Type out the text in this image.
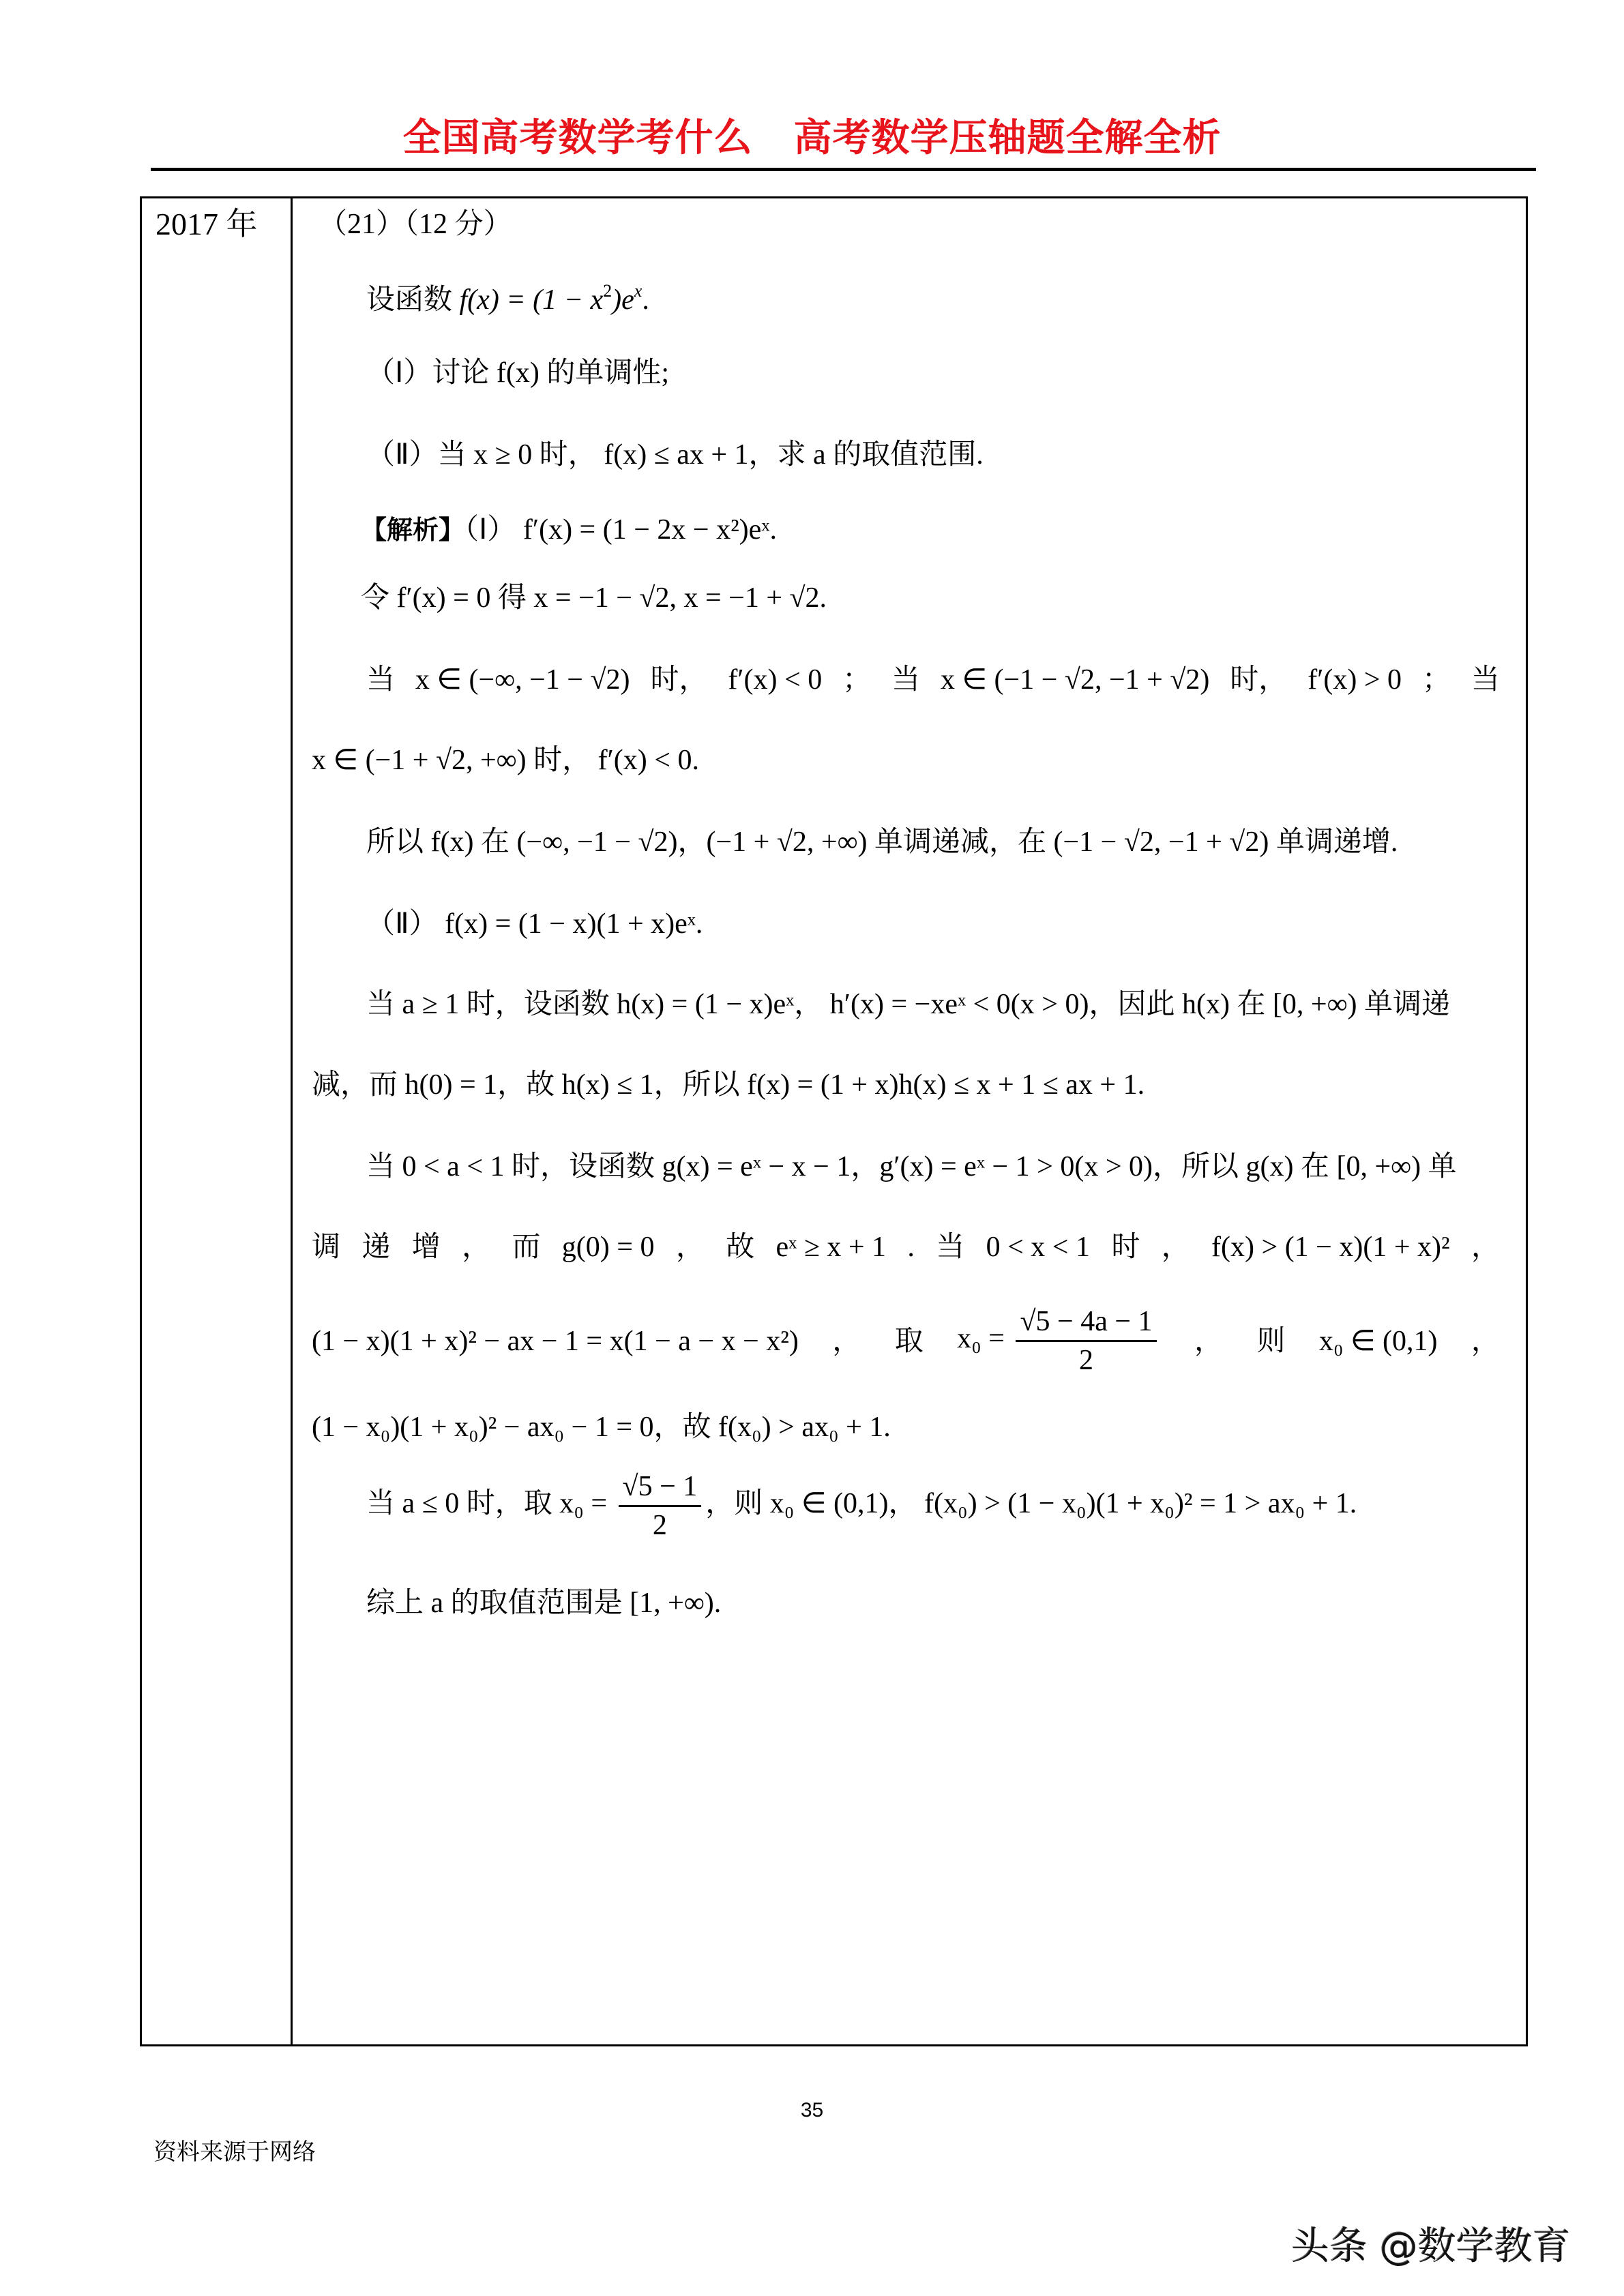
全国高考数学考什么 高考数学压轴题全解全析
2017 年 （21）（12 分）
设函数 $f(x) = (1 - x^2)e^x$.
（Ⅰ）讨论 f(x) 的单调性;
（Ⅱ）当 x ≥ 0 时， f(x) ≤ ax + 1，求 a 的取值范围.
【解析】（Ⅰ） f′(x) = (1 − 2x − x²)eˣ.
令 f′(x) = 0 得 x = −1 − √2, x = −1 + √2.
当 x ∈ (−∞, −1 − √2) 时， f′(x) < 0 ； 当 x ∈ (−1 − √2, −1 + √2) 时， f′(x) > 0 ； 当
x ∈ (−1 + √2, +∞) 时， f′(x) < 0.
所以 f(x) 在 (−∞, −1 − √2)，(−1 + √2, +∞) 单调递减，在 (−1 − √2, −1 + √2) 单调递增.
（Ⅱ） f(x) = (1 − x)(1 + x)eˣ.
当 a ≥ 1 时，设函数 h(x) = (1 − x)eˣ， h′(x) = −xeˣ < 0(x > 0)，因此 h(x) 在 [0, +∞) 单调递
减，而 h(0) = 1，故 h(x) ≤ 1，所以 f(x) = (1 + x)h(x) ≤ x + 1 ≤ ax + 1.
当 0 < a < 1 时，设函数 g(x) = eˣ − x − 1，g′(x) = eˣ − 1 > 0(x > 0)，所以 g(x) 在 [0, +∞) 单
调 递 增 ， 而 g(0) = 0 ， 故 eˣ ≥ x + 1 . 当 0 < x < 1 时 ， f(x) > (1 − x)(1 + x)² ，
(1 − x)(1 + x)² − ax − 1 = x(1 − a − x − x²) ， 取 $x_0 = \frac{√5 - 4a - 1}{2}$ ， 则 x₀ ∈ (0,1) ，
(1 − x₀)(1 + x₀)² − ax₀ − 1 = 0，故 f(x₀) > ax₀ + 1.
当 a ≤ 0 时，取 $x_0 = \frac{√5 - 1}{2}$ ，则 x₀ ∈ (0,1)， f(x₀) > (1 − x₀)(1 + x₀)² = 1 > ax₀ + 1.
综上 a 的取值范围是 [1, +∞).
35
资料来源于网络
头条 @数学教育
